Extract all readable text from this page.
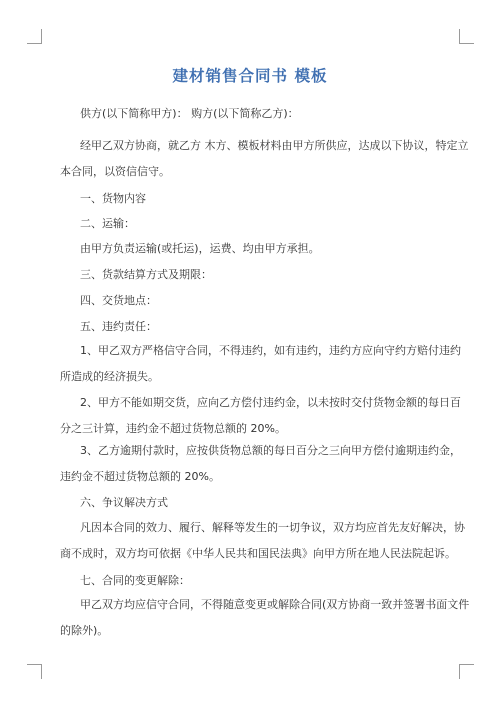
建材销售合同书 模板

供方(以下简称甲方)： 购方(以下简称乙方)：

经甲乙双方协商，就乙方 木方、模板材料由甲方所供应，达成以下协议，特定立
本合同，以资信信守。

一、货物内容

二、运输：

由甲方负责运输(或托运)，运费、均由甲方承担。

三、货款结算方式及期限：

四、交货地点：

五、违约责任：

1、甲乙双方严格信守合同，不得违约，如有违约，违约方应向守约方赔付违约
所造成的经济损失。

2、甲方不能如期交货，应向乙方偿付违约金，以未按时交付货物金额的每日百
分之三计算，违约金不超过货物总额的 20%。

3、乙方逾期付款时，应按供货物总额的每日百分之三向甲方偿付逾期违约金，
违约金不超过货物总额的 20%。

六、争议解决方式

凡因本合同的效力、履行、解释等发生的一切争议，双方均应首先友好解决，协
商不成时，双方均可依据《中华人民共和国民法典》向甲方所在地人民法院起诉。

七、合同的变更解除：

甲乙双方均应信守合同，不得随意变更或解除合同(双方协商一致并签署书面文件
的除外)。
